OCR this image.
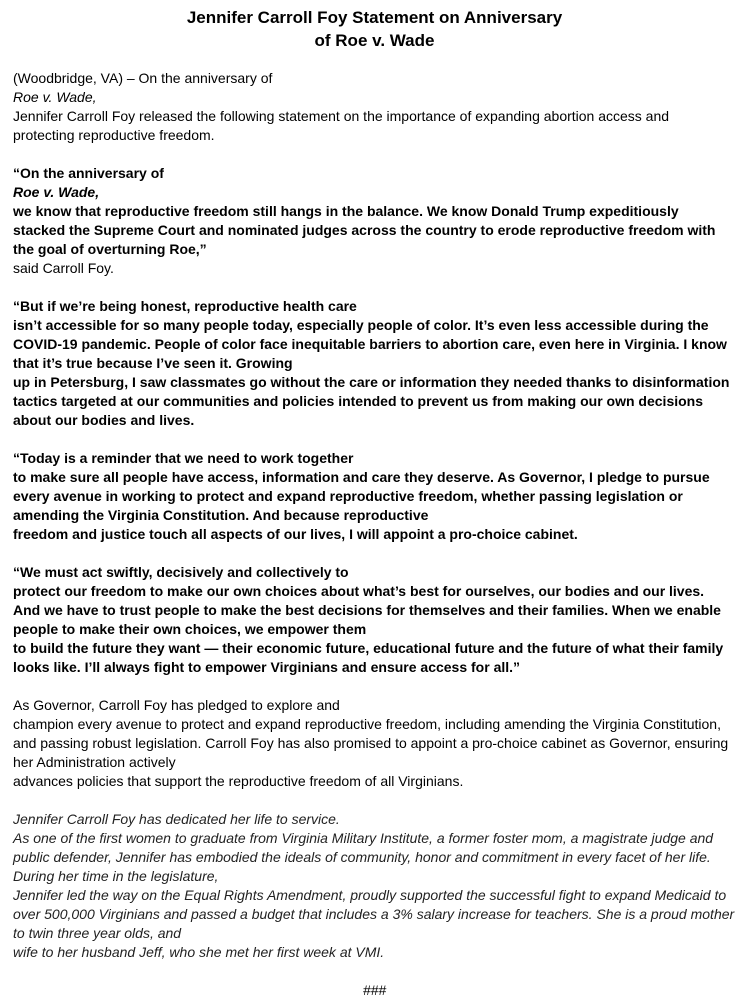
Jennifer Carroll Foy Statement on Anniversary
of Roe v. Wade
(Woodbridge, VA) – On the anniversary of
Roe v. Wade,
Jennifer Carroll Foy released the following statement on the importance of expanding abortion access and
protecting reproductive freedom.
“On the anniversary of
Roe v. Wade,
we know that reproductive freedom still hangs in the balance. We know Donald Trump expeditiously
stacked the Supreme Court and nominated judges across the country to erode reproductive freedom with
the goal of overturning Roe,”
said Carroll Foy.
“But if we’re being honest, reproductive health care
isn’t accessible for so many people today, especially people of color. It’s even less accessible during the
COVID-19 pandemic. People of color face inequitable barriers to abortion care, even here in Virginia. I know
that it’s true because I’ve seen it. Growing
up in Petersburg, I saw classmates go without the care or information they needed thanks to disinformation
tactics targeted at our communities and policies intended to prevent us from making our own decisions
about our bodies and lives.
“Today is a reminder that we need to work together
to make sure all people have access, information and care they deserve. As Governor, I pledge to pursue
every avenue in working to protect and expand reproductive freedom, whether passing legislation or
amending the Virginia Constitution. And because reproductive
freedom and justice touch all aspects of our lives, I will appoint a pro-choice cabinet.
“We must act swiftly, decisively and collectively to
protect our freedom to make our own choices about what’s best for ourselves, our bodies and our lives.
And we have to trust people to make the best decisions for themselves and their families. When we enable
people to make their own choices, we empower them
to build the future they want — their economic future, educational future and the future of what their family
looks like. I’ll always fight to empower Virginians and ensure access for all.”
As Governor, Carroll Foy has pledged to explore and
champion every avenue to protect and expand reproductive freedom, including amending the Virginia Constitution,
and passing robust legislation. Carroll Foy has also promised to appoint a pro-choice cabinet as Governor, ensuring
her Administration actively
advances policies that support the reproductive freedom of all Virginians.
Jennifer Carroll Foy has dedicated her life to service.
As one of the first women to graduate from Virginia Military Institute, a former foster mom, a magistrate judge and
public defender, Jennifer has embodied the ideals of community, honor and commitment in every facet of her life.
During her time in the legislature,
Jennifer led the way on the Equal Rights Amendment, proudly supported the successful fight to expand Medicaid to
over 500,000 Virginians and passed a budget that includes a 3% salary increase for teachers. She is a proud mother
to twin three year olds, and
wife to her husband Jeff, who she met her first week at VMI.
###
